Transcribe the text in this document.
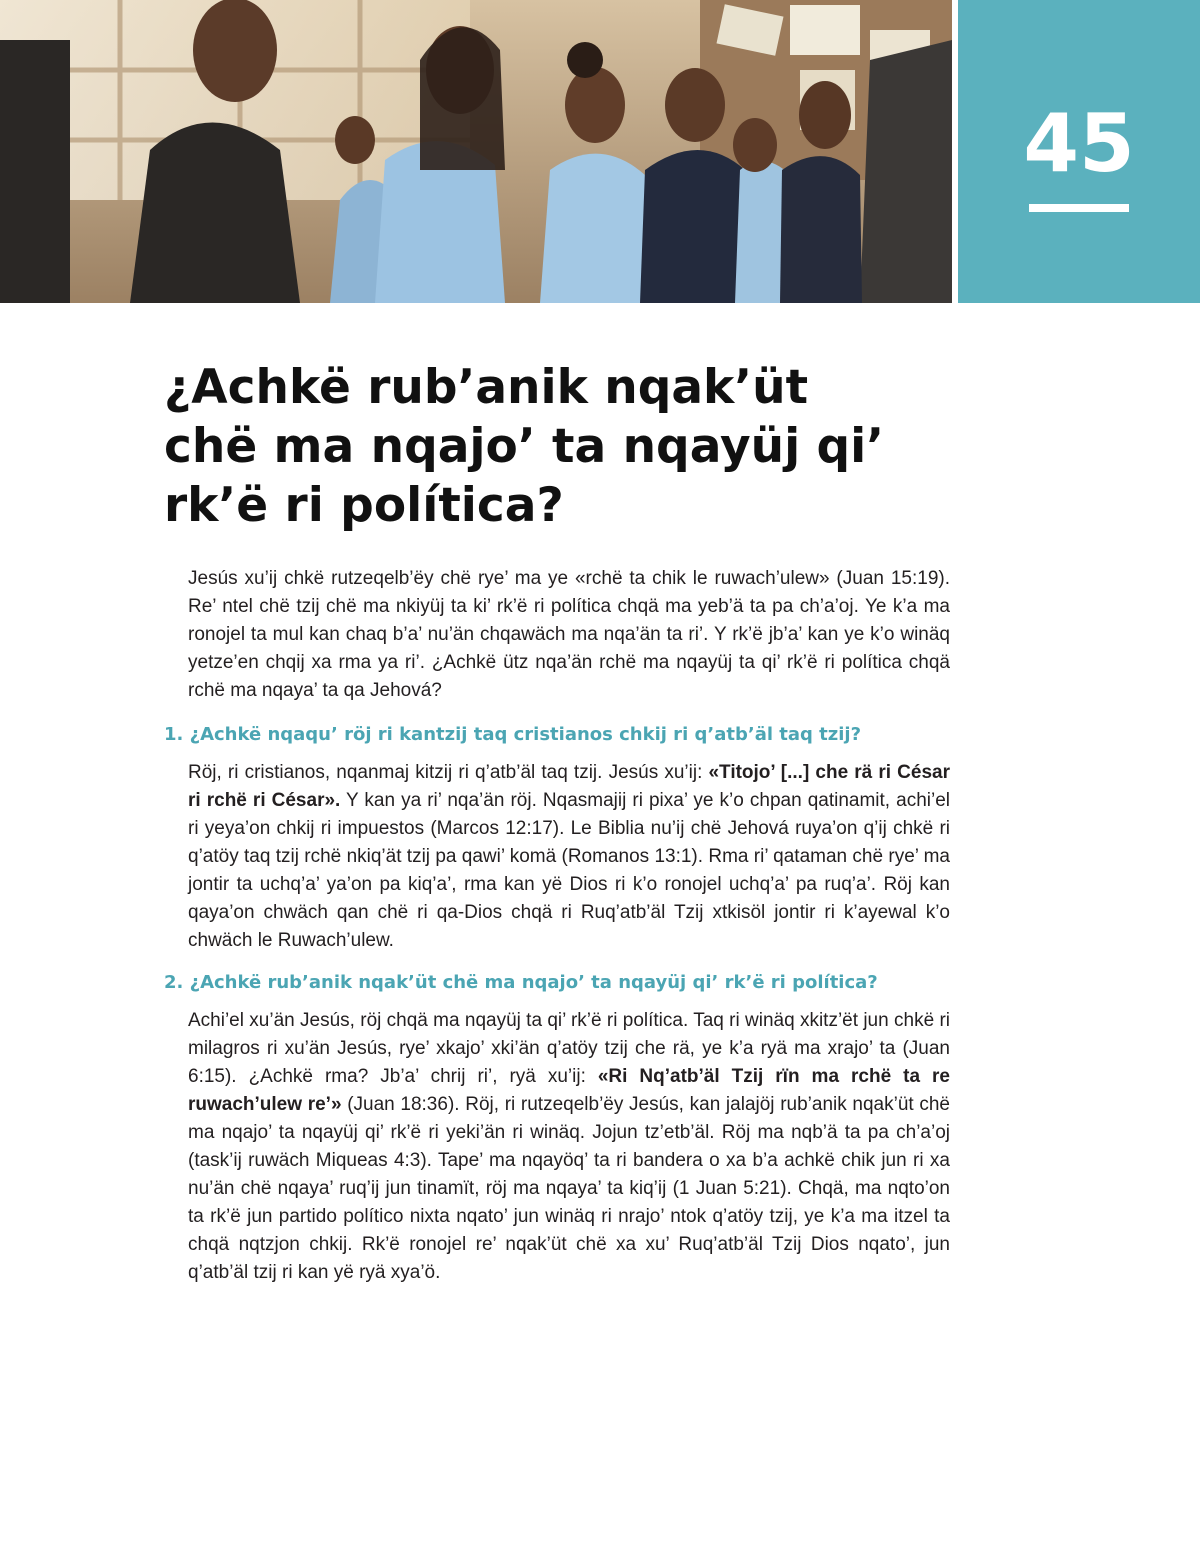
45
¿Achkë rub’anik nqak’üt
chë ma nqajo’ ta nqayüj qi’
rk’ë ri política?

Jesús xu’ij chkë rutzeqelb’ëy chë rye’ ma ye «rchë ta chik le ruwach’ulew» (Juan 15:19). Re’ ntel chë tzij chë ma nkiyüj ta ki’ rk’ë ri política chqä ma yeb’ä ta pa ch’a’oj. Ye k’a ma ronojel ta mul kan chaq b’a’ nu’än chqawäch ma nqa’än ta ri’. Y rk’ë jb’a’ kan ye k’o winäq yetze’en chqij xa rma ya ri’. ¿Achkë ütz nqa’än rchë ma nqayüj ta qi’ rk’ë ri política chqä rchë ma nqaya’ ta qa Jehová?

1. ¿Achkë nqaqu’ röj ri kantzij taq cristianos chkij ri q’atb’äl taq tzij?

Röj, ri cristianos, nqanmaj kitzij ri q’atb’äl taq tzij. Jesús xu’ij: «Titojo’ [...] che rä ri César ri rchë ri César». Y kan ya ri’ nqa’än röj. Nqasmajij ri pixa’ ye k’o chpan qatinamit, achi’el ri yeya’on chkij ri impuestos (Marcos 12:17). Le Biblia nu’ij chë Jehová ruya’on q’ij chkë ri q’atöy taq tzij rchë nkiq’ät tzij pa qawi’ komä (Romanos 13:1). Rma ri’ qataman chë rye’ ma jontir ta uchq’a’ ya’on pa kiq’a’, rma kan yë Dios ri k’o ronojel uchq’a’ pa ruq’a’. Röj kan qaya’on chwäch qan chë ri qa-Dios chqä ri Ruq’atb’äl Tzij xtkisöl jontir ri k’ayewal k’o chwäch le Ruwach’ulew.

2. ¿Achkë rub’anik nqak’üt chë ma nqajo’ ta nqayüj qi’ rk’ë ri política?

Achi’el xu’än Jesús, röj chqä ma nqayüj ta qi’ rk’ë ri política. Taq ri winäq xkitz’ët jun chkë ri milagros ri xu’än Jesús, rye’ xkajo’ xki’än q’atöy tzij che rä, ye k’a ryä ma xrajo’ ta (Juan 6:15). ¿Achkë rma? Jb’a’ chrij ri’, ryä xu’ij: «Ri Nq’atb’äl Tzij rïn ma rchë ta re ruwach’ulew re’» (Juan 18:36). Röj, ri rutzeqelb’ëy Jesús, kan jalajöj rub’anik nqak’üt chë ma nqajo’ ta nqayüj qi’ rk’ë ri yeki’än ri winäq. Jojun tz’etb’äl. Röj ma nqb’ä ta pa ch’a’oj (task’ij ruwäch Miqueas 4:3). Tape’ ma nqayöq’ ta ri bandera o xa b’a achkë chik jun ri xa nu’än chë nqaya’ ruq’ij jun tinamït, röj ma nqaya’ ta kiq’ij (1 Juan 5:21). Chqä, ma nqto’on ta rk’ë jun partido político nixta nqato’ jun winäq ri nrajo’ ntok q’atöy tzij, ye k’a ma itzel ta chqä nqtzjon chkij. Rk’ë ronojel re’ nqak’üt chë xa xu’ Ruq’atb’äl Tzij Dios nqato’, jun q’atb’äl tzij ri kan yë ryä xya’ö.
